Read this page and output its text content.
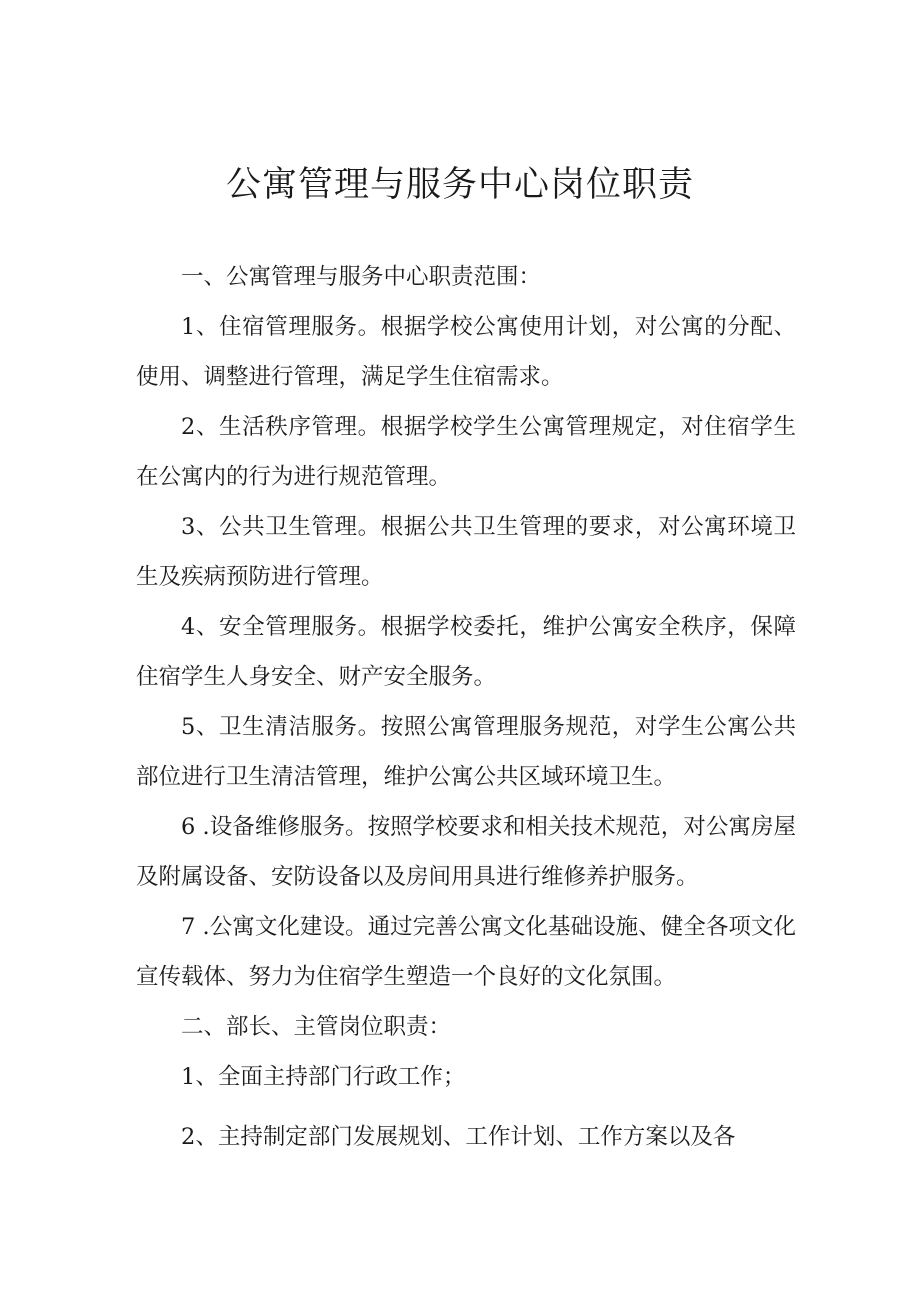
公寓管理与服务中心岗位职责

一、公寓管理与服务中心职责范围：

1、住宿管理服务。根据学校公寓使用计划，对公寓的分配、使用、调整进行管理，满足学生住宿需求。

2、生活秩序管理。根据学校学生公寓管理规定，对住宿学生在公寓内的行为进行规范管理。

3、公共卫生管理。根据公共卫生管理的要求，对公寓环境卫生及疾病预防进行管理。

4、安全管理服务。根据学校委托，维护公寓安全秩序，保障住宿学生人身安全、财产安全服务。

5、卫生清洁服务。按照公寓管理服务规范，对学生公寓公共部位进行卫生清洁管理，维护公寓公共区域环境卫生。

6 .设备维修服务。按照学校要求和相关技术规范，对公寓房屋及附属设备、安防设备以及房间用具进行维修养护服务。

7 .公寓文化建设。通过完善公寓文化基础设施、健全各项文化宣传载体、努力为住宿学生塑造一个良好的文化氛围。

二、部长、主管岗位职责：

1、全面主持部门行政工作；

2、主持制定部门发展规划、工作计划、工作方案以及各
